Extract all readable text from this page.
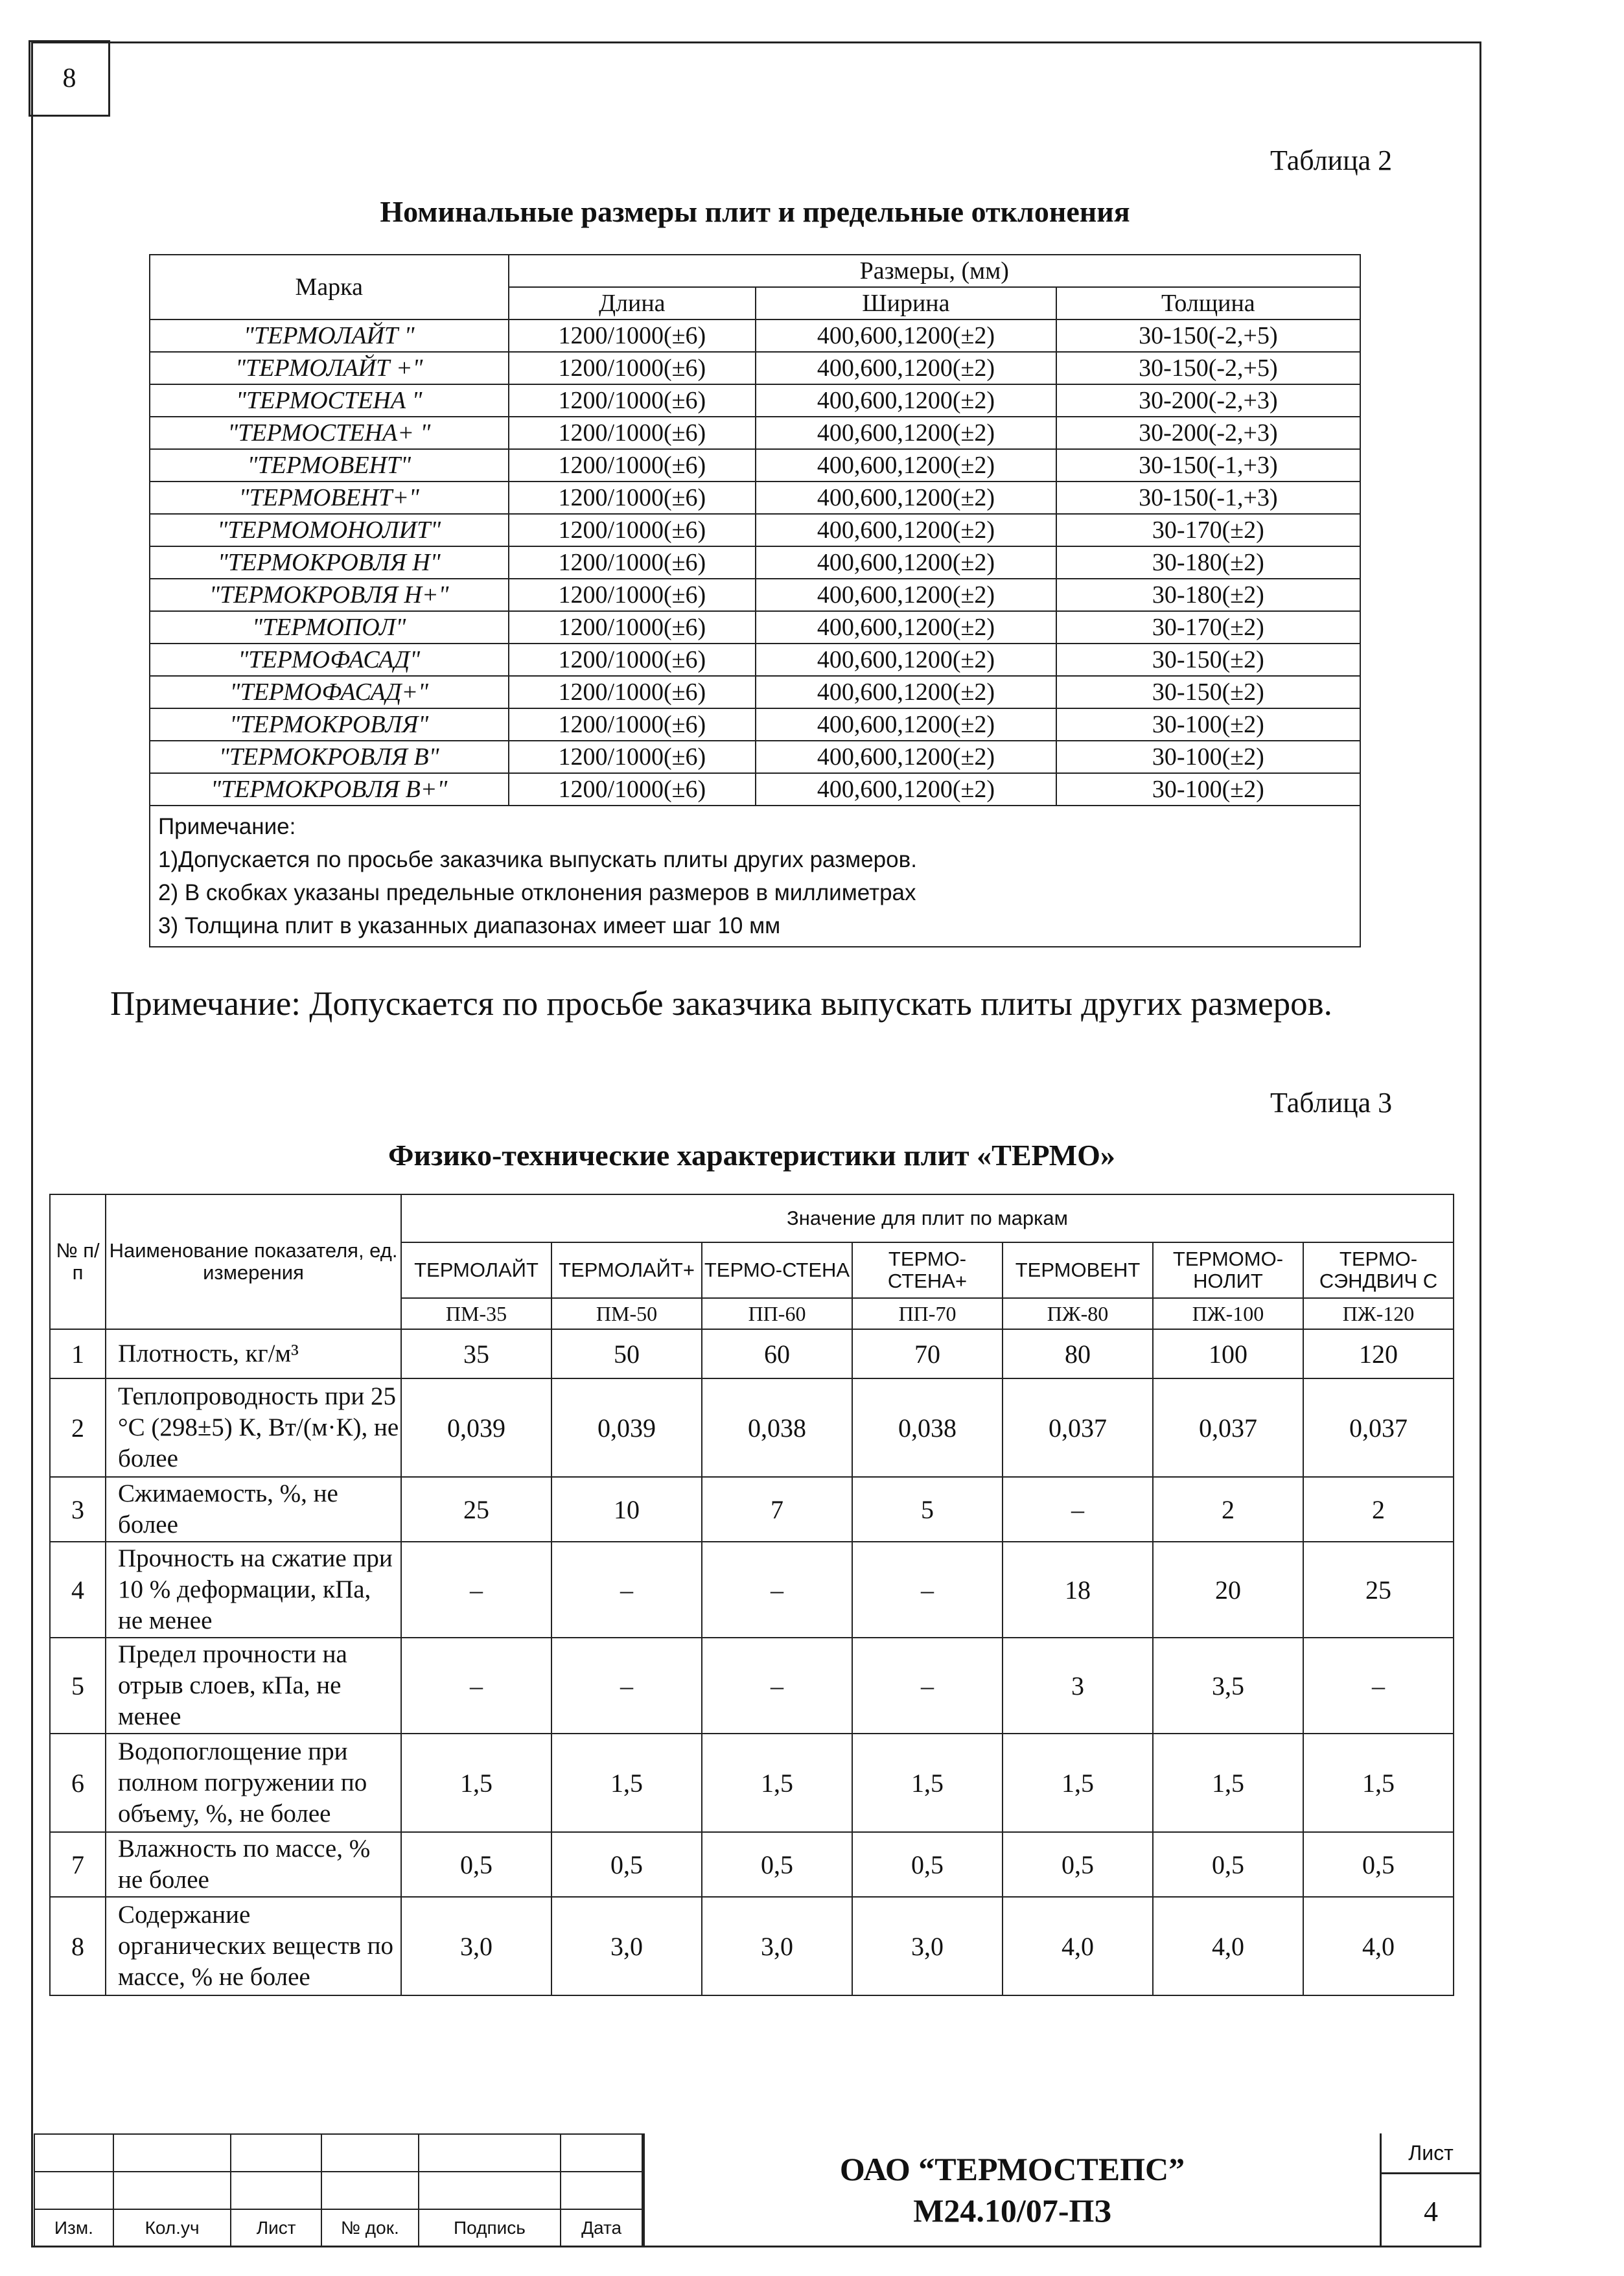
8
Таблица 2
Номинальные размеры плит и предельные отклонения
Марка	Размеры, (мм)		
	Длина	Ширина	Толщина
"ТЕРМОЛАЙТ "	1200/1000(±6)	400,600,1200(±2)	30-150(-2,+5)
"ТЕРМОЛАЙТ +"	1200/1000(±6)	400,600,1200(±2)	30-150(-2,+5)
"ТЕРМОСТЕНА "	1200/1000(±6)	400,600,1200(±2)	30-200(-2,+3)
"ТЕРМОСТЕНА+ "	1200/1000(±6)	400,600,1200(±2)	30-200(-2,+3)
"ТЕРМОВЕНТ"	1200/1000(±6)	400,600,1200(±2)	30-150(-1,+3)
"ТЕРМОВЕНТ+"	1200/1000(±6)	400,600,1200(±2)	30-150(-1,+3)
"ТЕРМОМОНОЛИТ"	1200/1000(±6)	400,600,1200(±2)	30-170(±2)
"ТЕРМОКРОВЛЯ Н"	1200/1000(±6)	400,600,1200(±2)	30-180(±2)
"ТЕРМОКРОВЛЯ Н+"	1200/1000(±6)	400,600,1200(±2)	30-180(±2)
"ТЕРМОПОЛ"	1200/1000(±6)	400,600,1200(±2)	30-170(±2)
"ТЕРМОФАСАД"	1200/1000(±6)	400,600,1200(±2)	30-150(±2)
"ТЕРМОФАСАД+"	1200/1000(±6)	400,600,1200(±2)	30-150(±2)
"ТЕРМОКРОВЛЯ"	1200/1000(±6)	400,600,1200(±2)	30-100(±2)
"ТЕРМОКРОВЛЯ В"	1200/1000(±6)	400,600,1200(±2)	30-100(±2)
"ТЕРМОКРОВЛЯ В+"	1200/1000(±6)	400,600,1200(±2)	30-100(±2)

Примечание:
1)Допускается по просьбе заказчика выпускать плиты других размеров.
2) В скобках указаны предельные отклонения размеров в миллиметрах
3) Толщина плит в указанных диапазонах имеет шаг 10 мм			
Примечание: Допускается по просьбе заказчика выпускать плиты других размеров.
Таблица 3
Физико-технические характеристики плит «ТЕРМО»
№ п/п	Наименование показателя, ед. измерения	Значение для плит по маркам						
		ТЕРМОЛАЙТ	ТЕРМОЛАЙТ+	ТЕРМО-СТЕНА	ТЕРМО-СТЕНА+	ТЕРМОВЕНТ	ТЕРМОМО-НОЛИТ	ТЕРМО-СЭНДВИЧ С
		ПМ-35	ПМ-50	ПП-60	ПП-70	ПЖ-80	ПЖ-100	ПЖ-120
1	Плотность, кг/м³	35	50	60	70	80	100	120
2	Теплопроводность при 25 °С (298±5) К, Вт/(м·К), не более	0,039	0,039	0,038	0,038	0,037	0,037	0,037
3	Сжимаемость, %, не более	25	10	7	5	–	2	2
4	Прочность на сжатие при 10 % деформации, кПа, не менее	–	–	–	–	18	20	25
5	Предел прочности на отрыв слоев, кПа, не менее	–	–	–	–	3	3,5	–
6	Водопоглощение при полном погружении по объему, %, не более	1,5	1,5	1,5	1,5	1,5	1,5	1,5
7	Влажность по массе, % не более	0,5	0,5	0,5	0,5	0,5	0,5	0,5
8	Содержание органических веществ по массе, % не более	3,0	3,0	3,0	3,0	4,0	4,0	4,0

Изм.	Кол.уч	Лист	№ док.	Подпись	Дата
ОАО “ТЕРМОСТЕПС”
М24.10/07-ПЗ
Лист
4
